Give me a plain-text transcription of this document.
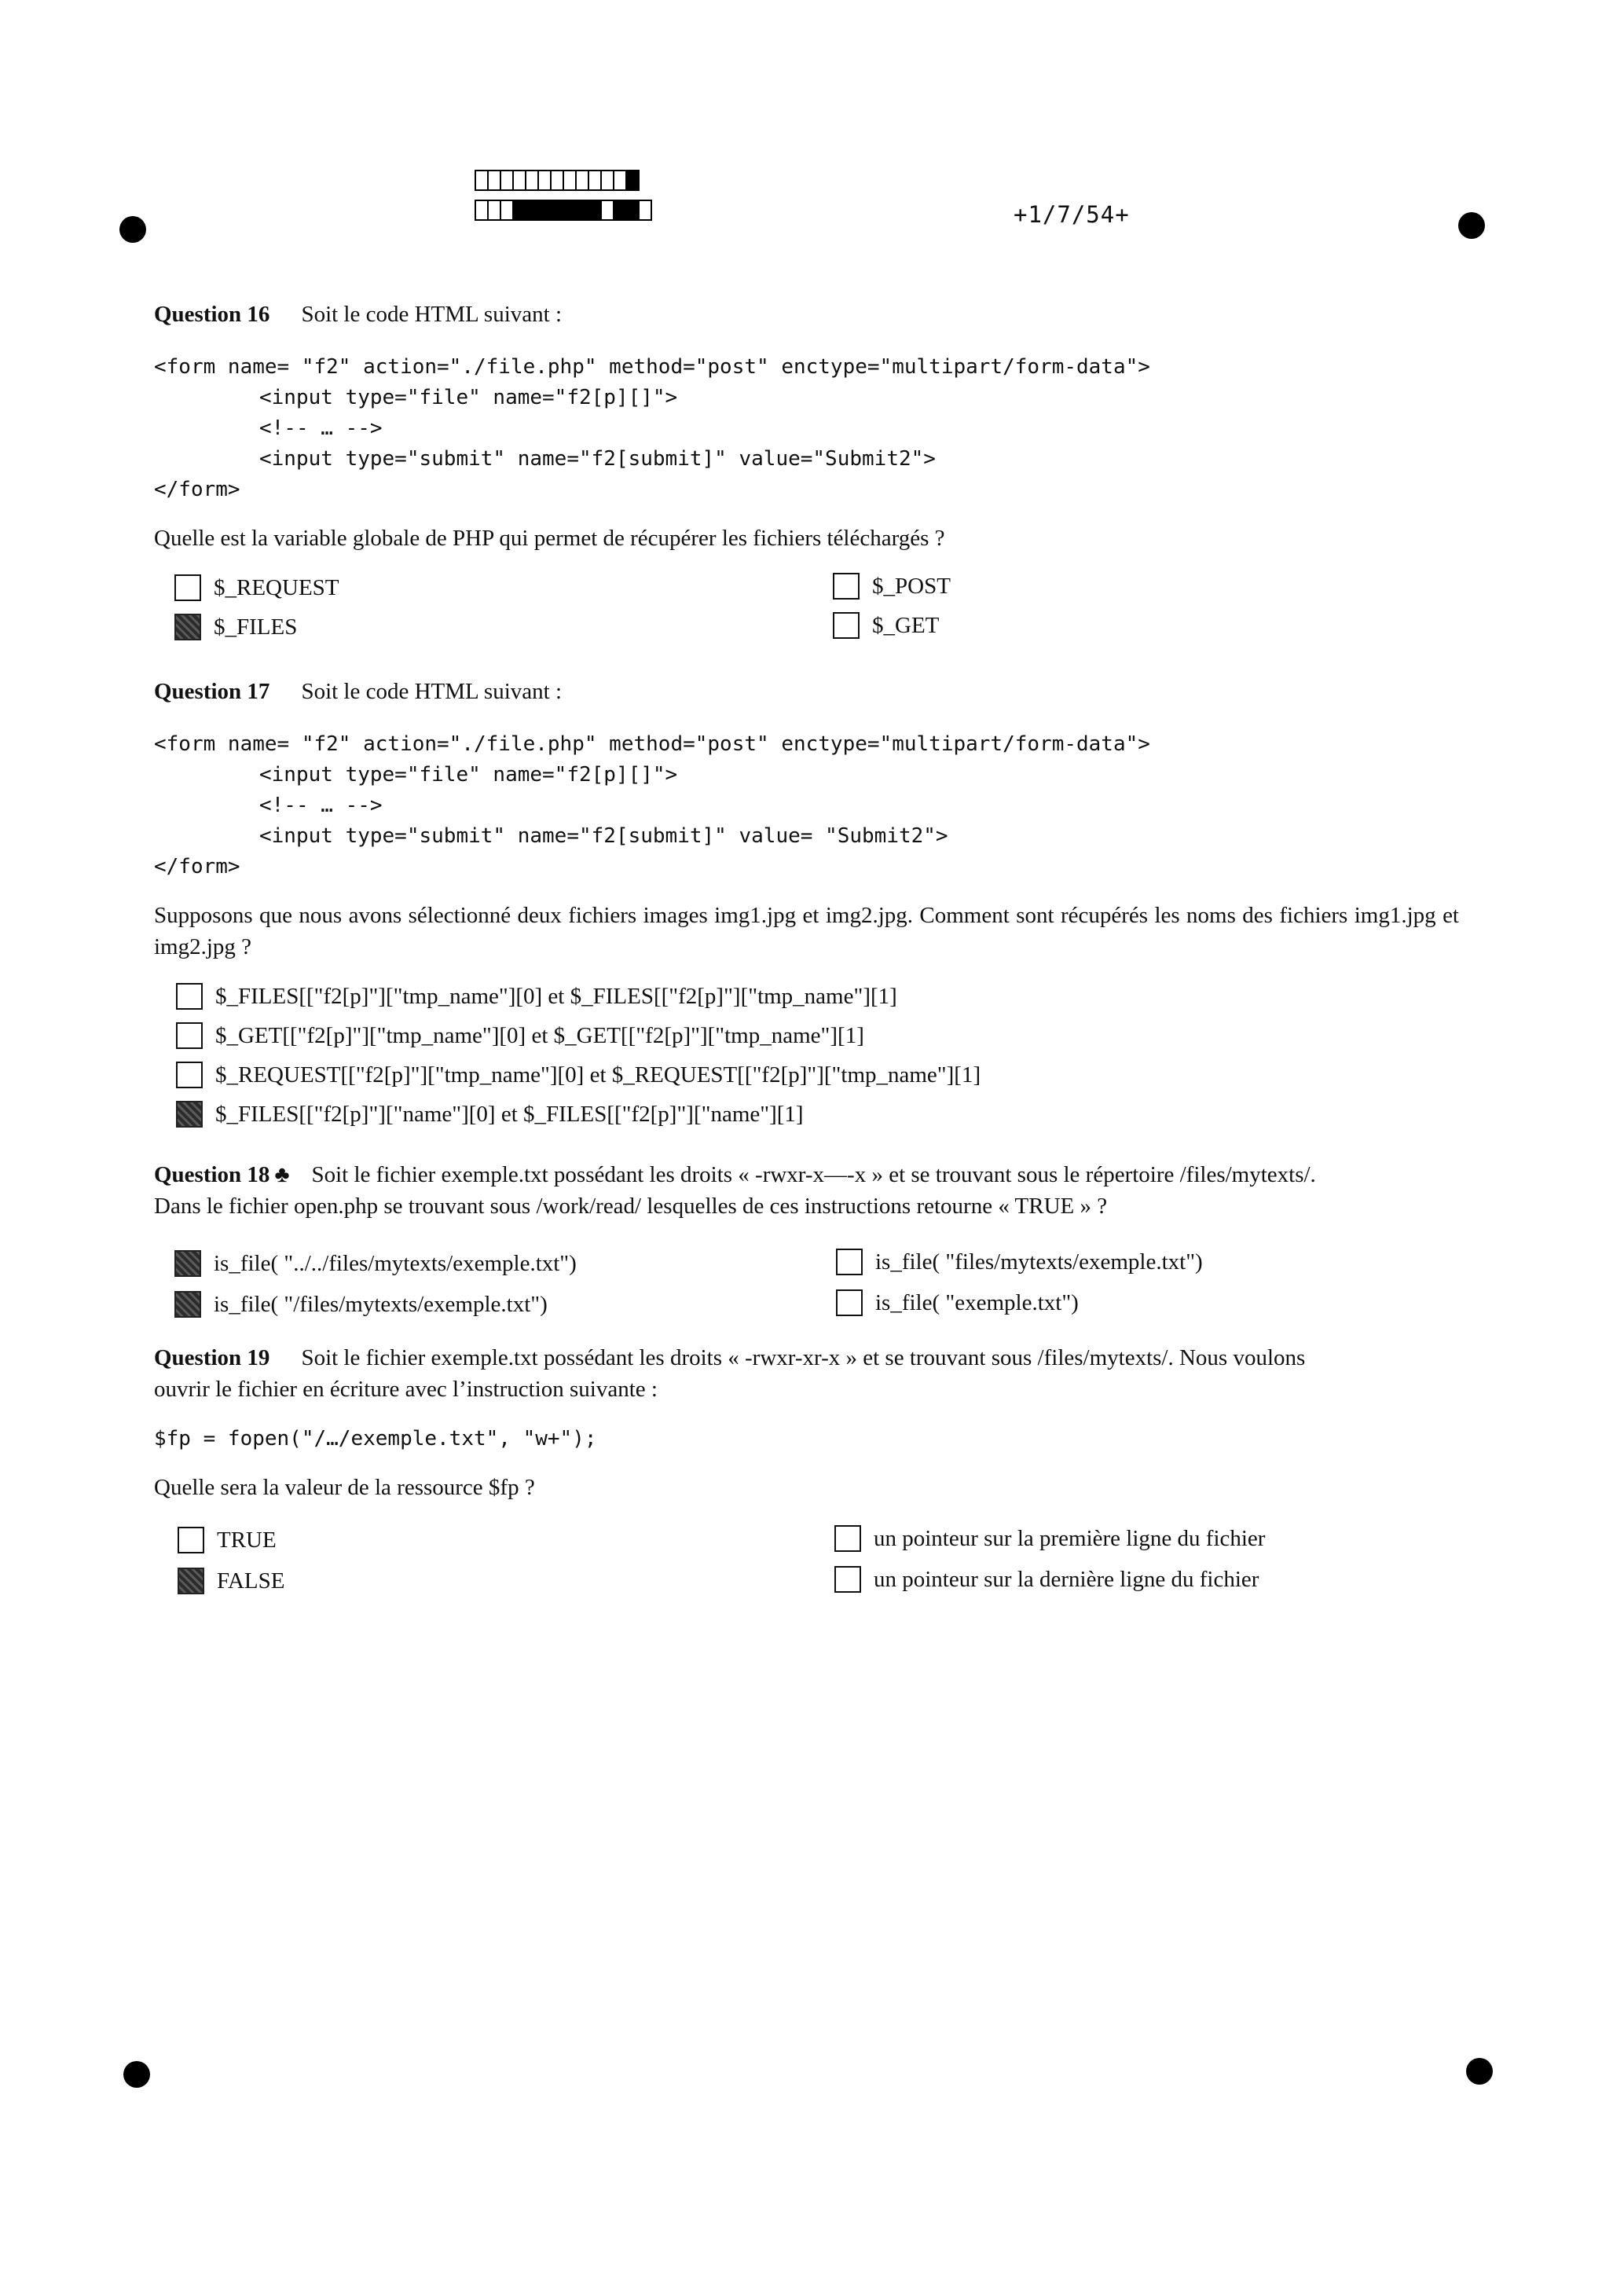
+1/7/54+
Question 16 Soit le code HTML suivant :
<form name= "f2" action="./file.php" method="post" enctype="multipart/form-data">
<input type="file" name="f2[p][]">
<!-- … -->
<input type="submit" name="f2[submit]" value="Submit2">
</form>
Quelle est la variable globale de PHP qui permet de récupérer les fichiers téléchargés ?
$_REQUEST	$_POST
$_FILES	$_GET
Question 17 Soit le code HTML suivant :
<form name= "f2" action="./file.php" method="post" enctype="multipart/form-data">
<input type="file" name="f2[p][]">
<!-- … -->
<input type="submit" name="f2[submit]" value= "Submit2">
</form>
Supposons que nous avons sélectionné deux fichiers images img1.jpg et img2.jpg. Comment sont récupérés les noms des fichiers img1.jpg et img2.jpg ?
$_FILES[["f2[p]"]["tmp_name"][0] et $_FILES[["f2[p]"]["tmp_name"][1]
$_GET[["f2[p]"]["tmp_name"][0] et $_GET[["f2[p]"]["tmp_name"][1]
$_REQUEST[["f2[p]"]["tmp_name"][0] et $_REQUEST[["f2[p]"]["tmp_name"][1]
$_FILES[["f2[p]"]["name"][0] et $_FILES[["f2[p]"]["name"][1]
Question 18 ♣ Soit le fichier exemple.txt possédant les droits « -rwxr-x—-x » et se trouvant sous le répertoire /files/mytexts/.
Dans le fichier open.php se trouvant sous /work/read/ lesquelles de ces instructions retourne « TRUE » ?
is_file( "../../files/mytexts/exemple.txt")	is_file( "files/mytexts/exemple.txt")
is_file( "/files/mytexts/exemple.txt")	is_file( "exemple.txt")
Question 19 Soit le fichier exemple.txt possédant les droits « -rwxr-xr-x » et se trouvant sous /files/mytexts/. Nous voulons
ouvrir le fichier en écriture avec l’instruction suivante :
$fp = fopen("/…/exemple.txt", "w+");
Quelle sera la valeur de la ressource $fp ?
TRUE	un pointeur sur la première ligne du fichier
FALSE	un pointeur sur la dernière ligne du fichier
